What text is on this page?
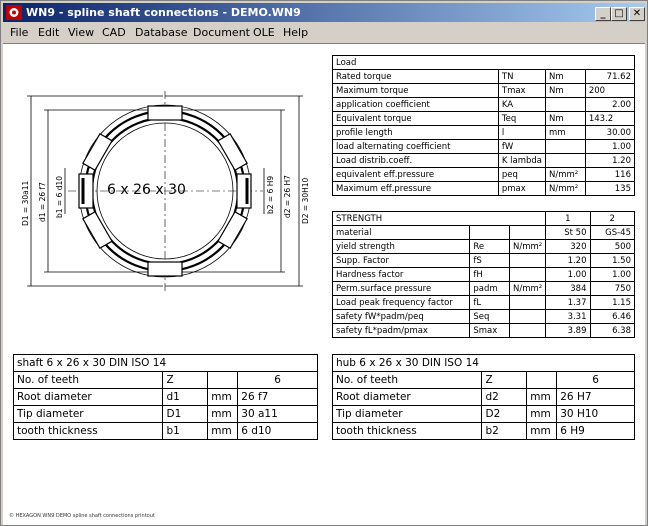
WN9 - spline shaft connections - DEMO.WN9	_ □ ✕
File Edit View CAD Database Document OLE Help
6 x 26 x 30
D1 = 30a11 d1 = 26 f7 b1 = 6 d10	b2 = 6 H9 d2 = 26 H7 D2 = 30H10
Load			
Rated torque	TN	Nm	71.62
Maximum torque	Tmax	Nm	200
application coefficient	KA		2.00
Equivalent torque	Teq	Nm	143.2
profile length	l	mm	30.00
load alternating coefficient	fW		1.00
Load distrib.coeff.	K lambda		1.20
equivalent eff.pressure	peq	N/mm²	116
Maximum eff.pressure	pmax	N/mm²	135
STRENGTH			1	2
material			St 50	GS-45
yield strength	Re	N/mm²	320	500
Supp. Factor	fS		1.20	1.50
Hardness factor	fH		1.00	1.00
Perm.surface pressure	padm	N/mm²	384	750
Load peak frequency factor	fL		1.37	1.15
safety fW*padm/peq	Seq		3.31	6.46
safety fL*padm/pmax	Smax		3.89	6.38
shaft 6 x 26 x 30 DIN ISO 14			
No. of teeth	Z		6
Root diameter	d1	mm	26 f7
Tip diameter	D1	mm	30 a11
tooth thickness	b1	mm	6 d10
hub 6 x 26 x 30 DIN ISO 14			
No. of teeth	Z		6
Root diameter	d2	mm	26 H7
Tip diameter	D2	mm	30 H10
tooth thickness	b2	mm	6 H9
© HEXAGON WN9 DEMO spline shaft connections printout
